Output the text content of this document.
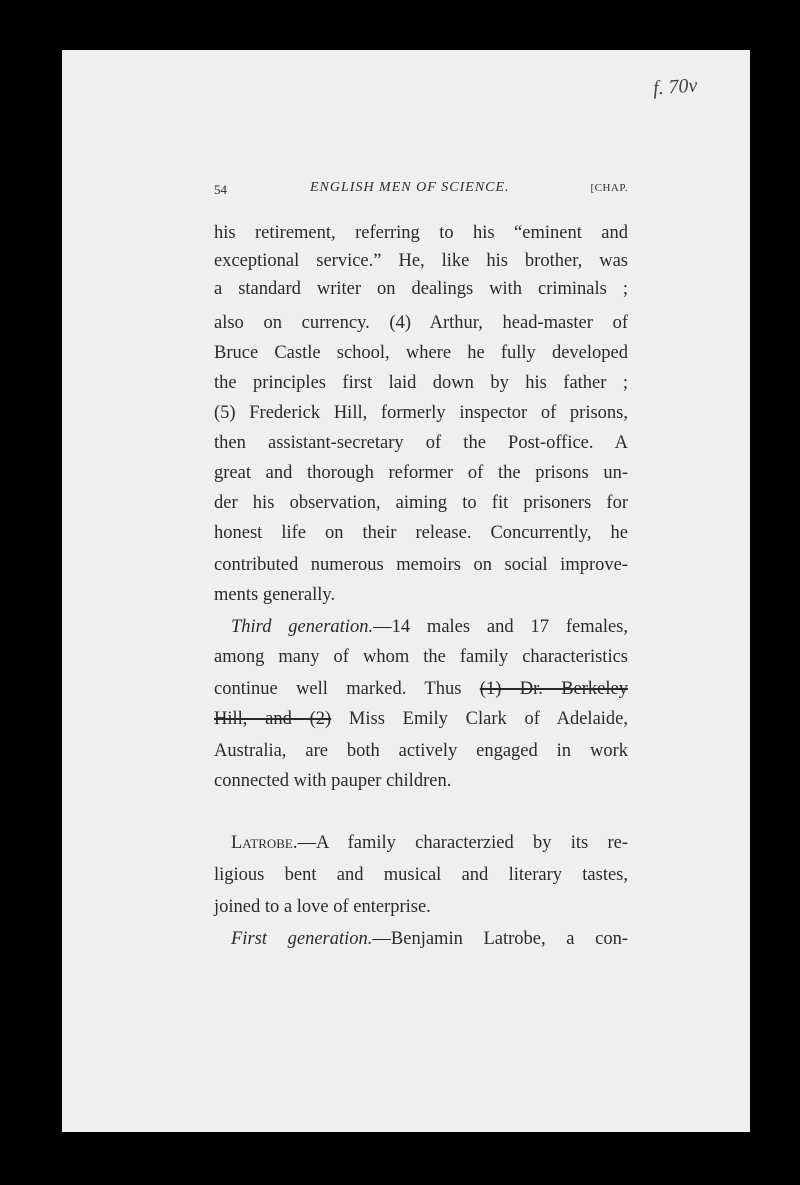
f. 70v
54	ENGLISH MEN OF SCIENCE.	[CHAP.
his retirement, referring to his “eminent and
exceptional service.” He, like his brother, was
a standard writer on dealings with criminals ;
also on currency. (4) Arthur, head-master of
Bruce Castle school, where he fully developed
the principles first laid down by his father ;
(5) Frederick Hill, formerly inspector of prisons,
then assistant-secretary of the Post-office. A
great and thorough reformer of the prisons un-
der his observation, aiming to fit prisoners for
honest life on their release. Concurrently, he
contributed numerous memoirs on social improve-
ments generally.
Third generation.—14 males and 17 females,
among many of whom the family characteristics
continue well marked. Thus (1) Dr. Berkeley
Hill, and (2) Miss Emily Clark of Adelaide,
Australia, are both actively engaged in work
connected with pauper children.
Latrobe.—A family characterzied by its re-
ligious bent and musical and literary tastes,
joined to a love of enterprise.
First generation.—Benjamin Latrobe, a con-
